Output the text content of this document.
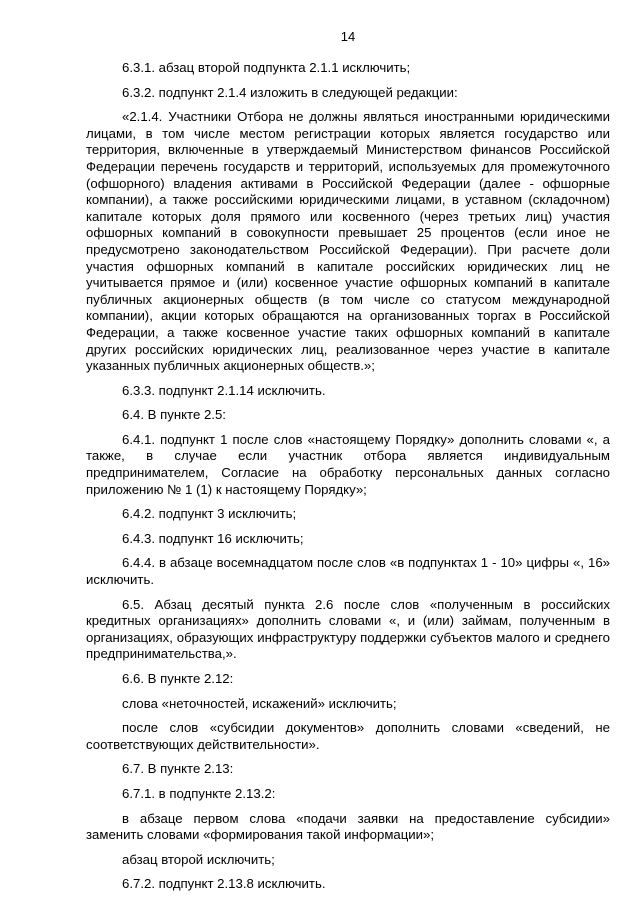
14

6.3.1. абзац второй подпункта 2.1.1 исключить;

6.3.2. подпункт 2.1.4 изложить в следующей редакции:

«2.1.4. Участники Отбора не должны являться иностранными юридическими лицами, в том числе местом регистрации которых является государство или территория, включенные в утверждаемый Министерством финансов Российской Федерации перечень государств и территорий, используемых для промежуточного (офшорного) владения активами в Российской Федерации (далее - офшорные компании), а также российскими юридическими лицами, в уставном (складочном) капитале которых доля прямого или косвенного (через третьих лиц) участия офшорных компаний в совокупности превышает 25 процентов (если иное не предусмотрено законодательством Российской Федерации). При расчете доли участия офшорных компаний в капитале российских юридических лиц не учитывается прямое и (или) косвенное участие офшорных компаний в капитале публичных акционерных обществ (в том числе со статусом международной компании), акции которых обращаются на организованных торгах в Российской Федерации, а также косвенное участие таких офшорных компаний в капитале других российских юридических лиц, реализованное через участие в капитале указанных публичных акционерных обществ.»;

6.3.3. подпункт 2.1.14 исключить.

6.4. В пункте 2.5:

6.4.1. подпункт 1 после слов «настоящему Порядку» дополнить словами «, а также, в случае если участник отбора является индивидуальным предпринимателем, Согласие на обработку персональных данных согласно приложению № 1 (1) к настоящему Порядку»;

6.4.2. подпункт 3 исключить;

6.4.3. подпункт 16 исключить;

6.4.4. в абзаце восемнадцатом после слов «в подпунктах 1 - 10» цифры «, 16» исключить.

6.5. Абзац десятый пункта 2.6 после слов «полученным в российских кредитных организациях» дополнить словами «, и (или) займам, полученным в организациях, образующих инфраструктуру поддержки субъектов малого и среднего предпринимательства,».

6.6. В пункте 2.12:

слова «неточностей, искажений» исключить;

после слов «субсидии документов» дополнить словами «сведений, не соответствующих действительности».

6.7. В пункте 2.13:

6.7.1. в подпункте 2.13.2:

в абзаце первом слова «подачи заявки на предоставление субсидии» заменить словами «формирования такой информации»;

абзац второй исключить;

6.7.2. подпункт 2.13.8 исключить.
